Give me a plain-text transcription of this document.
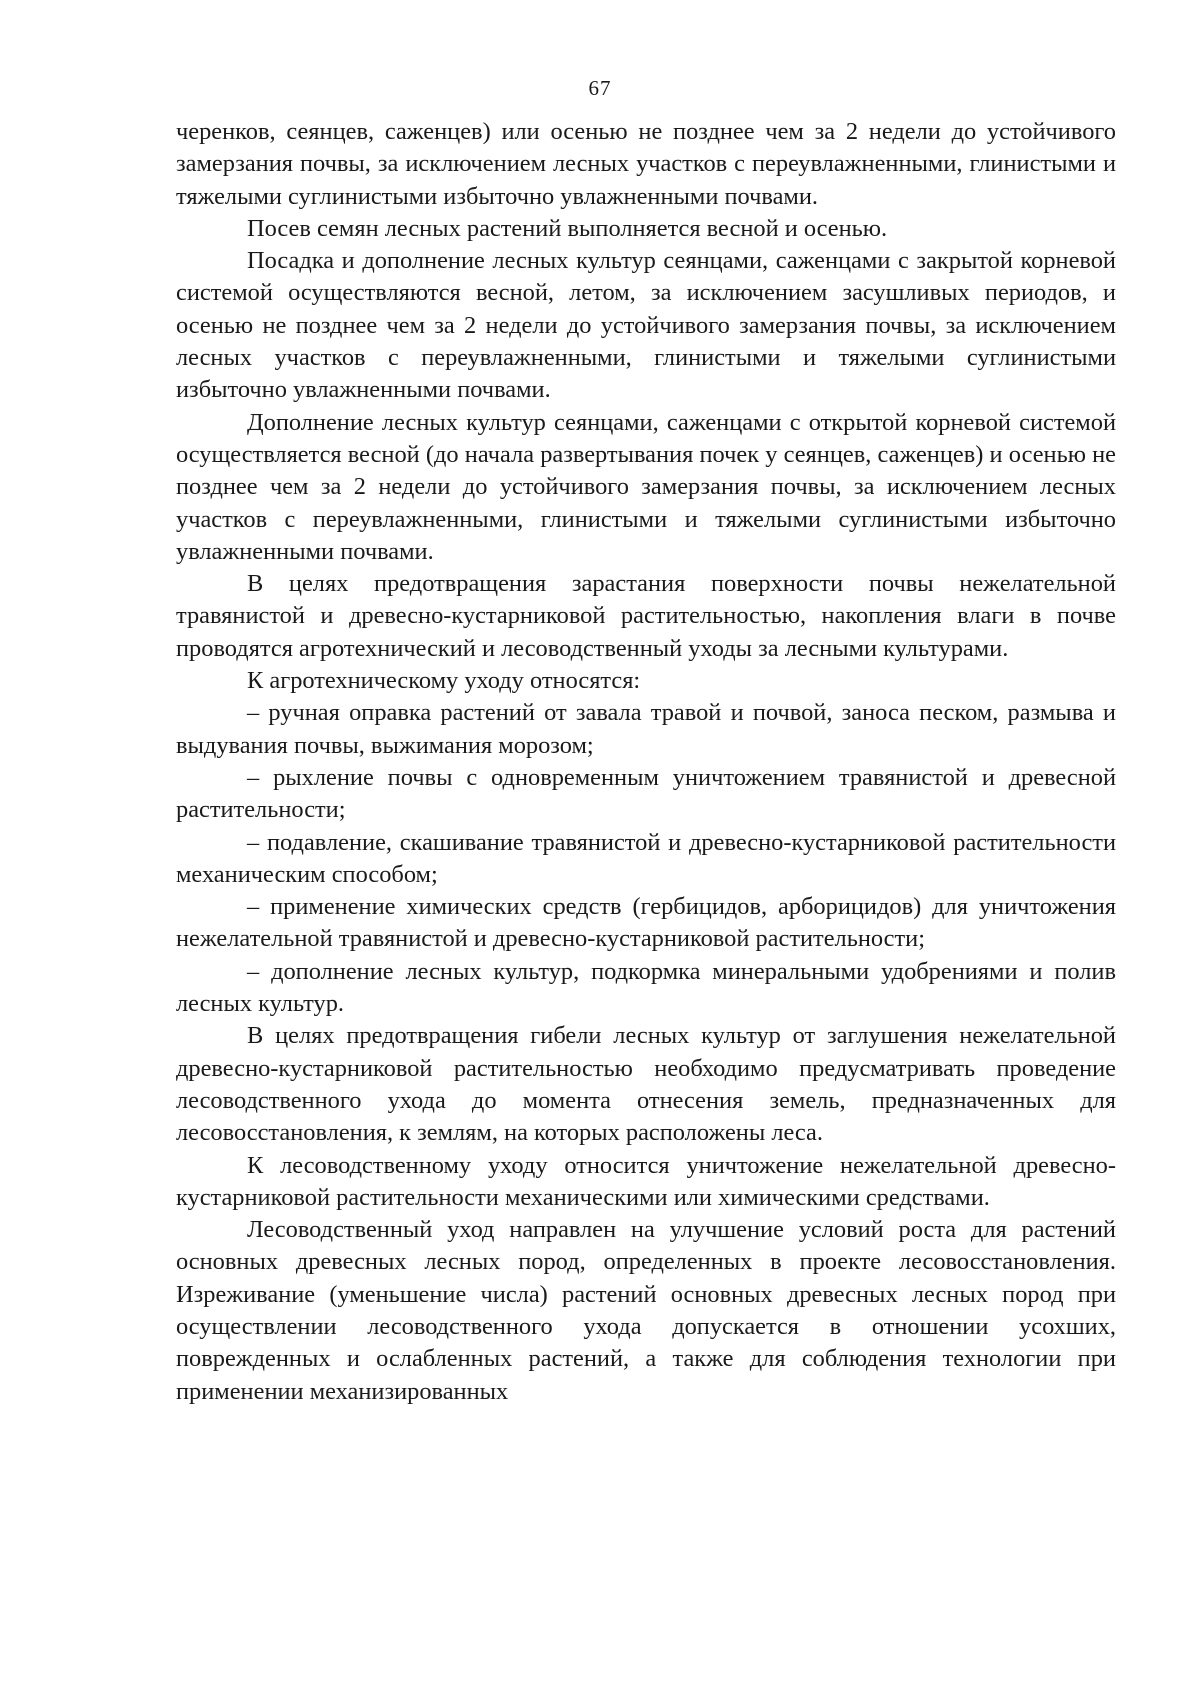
67

черенков, сеянцев, саженцев) или осенью не позднее чем за 2 недели до устойчивого замерзания почвы, за исключением лесных участков с переувлажненными, глинистыми и тяжелыми суглинистыми избыточно увлажненными почвами.

Посев семян лесных растений выполняется весной и осенью.

Посадка и дополнение лесных культур сеянцами, саженцами с закрытой корневой системой осуществляются весной, летом, за исключением засушливых периодов, и осенью не позднее чем за 2 недели до устойчивого замерзания почвы, за исключением лесных участков с переувлажненными, глинистыми и тяжелыми суглинистыми избыточно увлажненными почвами.

Дополнение лесных культур сеянцами, саженцами с открытой корневой системой осуществляется весной (до начала развертывания почек у сеянцев, саженцев) и осенью не позднее чем за 2 недели до устойчивого замерзания почвы, за исключением лесных участков с переувлажненными, глинистыми и тяжелыми суглинистыми избыточно увлажненными почвами.

В целях предотвращения зарастания поверхности почвы нежелательной травянистой и древесно-кустарниковой растительностью, накопления влаги в почве проводятся агротехнический и лесоводственный уходы за лесными культурами.

К агротехническому уходу относятся:

– ручная оправка растений от завала травой и почвой, заноса песком, размыва и выдувания почвы, выжимания морозом;

– рыхление почвы с одновременным уничтожением травянистой и древесной растительности;

– подавление, скашивание травянистой и древесно-кустарниковой растительности механическим способом;

– применение химических средств (гербицидов, арборицидов) для уничтожения нежелательной травянистой и древесно-кустарниковой растительности;

– дополнение лесных культур, подкормка минеральными удобрениями и полив лесных культур.

В целях предотвращения гибели лесных культур от заглушения нежелательной древесно-кустарниковой растительностью необходимо предусматривать проведение лесоводственного ухода до момента отнесения земель, предназначенных для лесовосстановления, к землям, на которых расположены леса.

К лесоводственному уходу относится уничтожение нежелательной древесно-кустарниковой растительности механическими или химическими средствами.

Лесоводственный уход направлен на улучшение условий роста для растений основных древесных лесных пород, определенных в проекте лесовосстановления. Изреживание (уменьшение числа) растений основных древесных лесных пород при осуществлении лесоводственного ухода допускается в отношении усохших, поврежденных и ослабленных растений, а также для соблюдения технологии при применении механизированных
